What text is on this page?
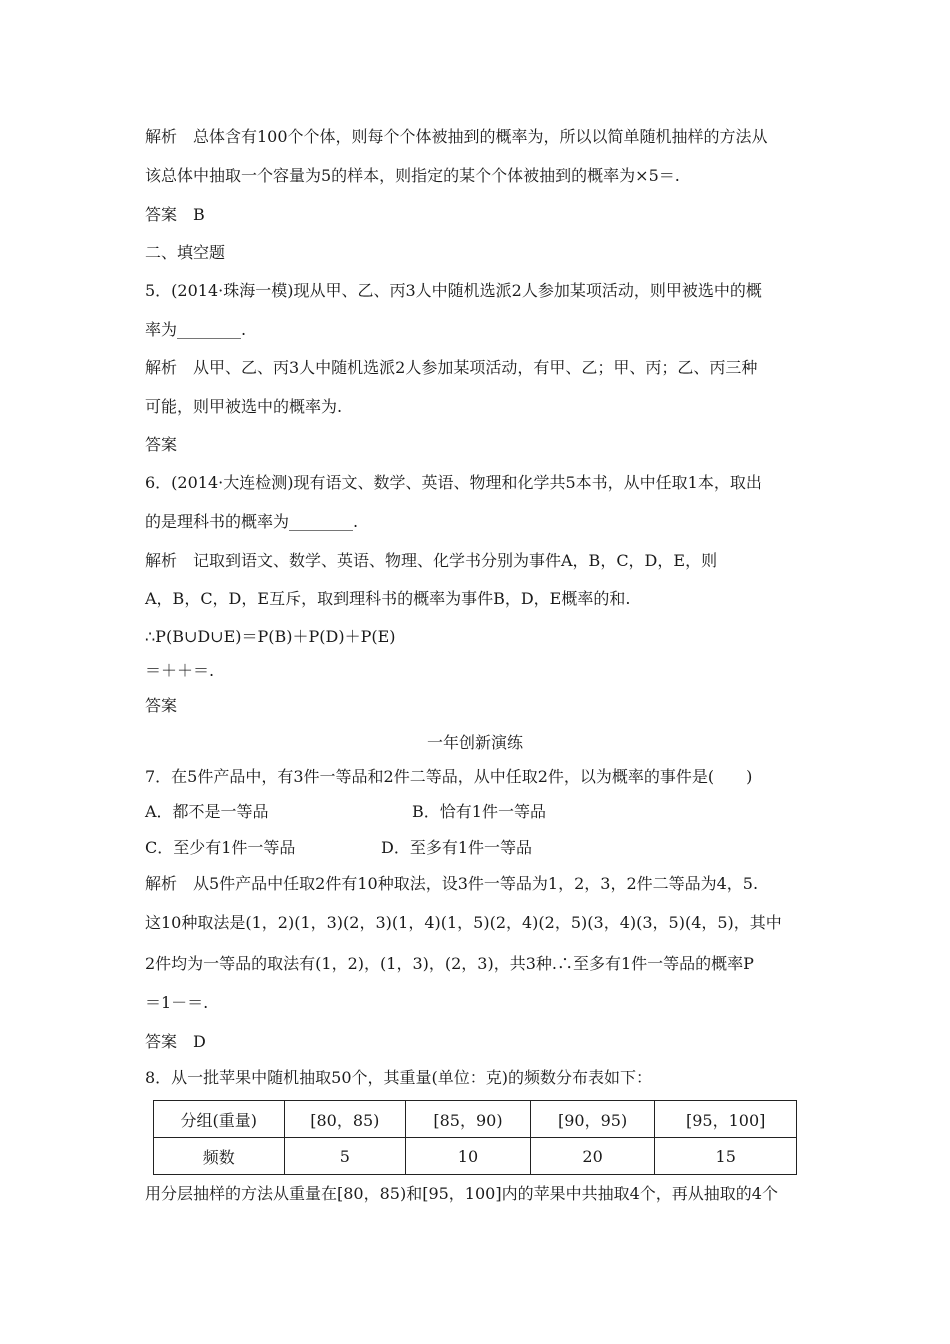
解析　总体含有100个个体，则每个个体被抽到的概率为，所以以简单随机抽样的方法从
该总体中抽取一个容量为5的样本，则指定的某个个体被抽到的概率为×5＝.
答案　B
二、填空题
5．(2014·珠海一模)现从甲、乙、丙3人中随机选派2人参加某项活动，则甲被选中的概
率为________.
解析　从甲、乙、丙3人中随机选派2人参加某项活动，有甲、乙；甲、丙；乙、丙三种
可能，则甲被选中的概率为.
答案
6．(2014·大连检测)现有语文、数学、英语、物理和化学共5本书，从中任取1本，取出
的是理科书的概率为________.
解析　记取到语文、数学、英语、物理、化学书分别为事件A，B，C，D，E，则
A，B，C，D，E互斥，取到理科书的概率为事件B，D，E概率的和.
∴P(B∪D∪E)＝P(B)＋P(D)＋P(E)
＝＋＋＝.
答案
一年创新演练
7．在5件产品中，有3件一等品和2件二等品，从中任取2件，以为概率的事件是(　　)
A．都不是一等品	B．恰有1件一等品
C．至少有1件一等品	D．至多有1件一等品
解析　从5件产品中任取2件有10种取法，设3件一等品为1，2，3，2件二等品为4，5.
这10种取法是(1，2)(1，3)(2，3)(1，4)(1，5)(2，4)(2，5)(3，4)(3，5)(4，5)，其中
2件均为一等品的取法有(1，2)，(1，3)，(2，3)，共3种.∴至多有1件一等品的概率P
＝1－＝.
答案　D
8．从一批苹果中随机抽取50个，其重量(单位：克)的频数分布表如下：
分组(重量)	[80，85)	[85，90)	[90，95)	[95，100]
频数	5	10	20	15
用分层抽样的方法从重量在[80，85)和[95，100]内的苹果中共抽取4个，再从抽取的4个
